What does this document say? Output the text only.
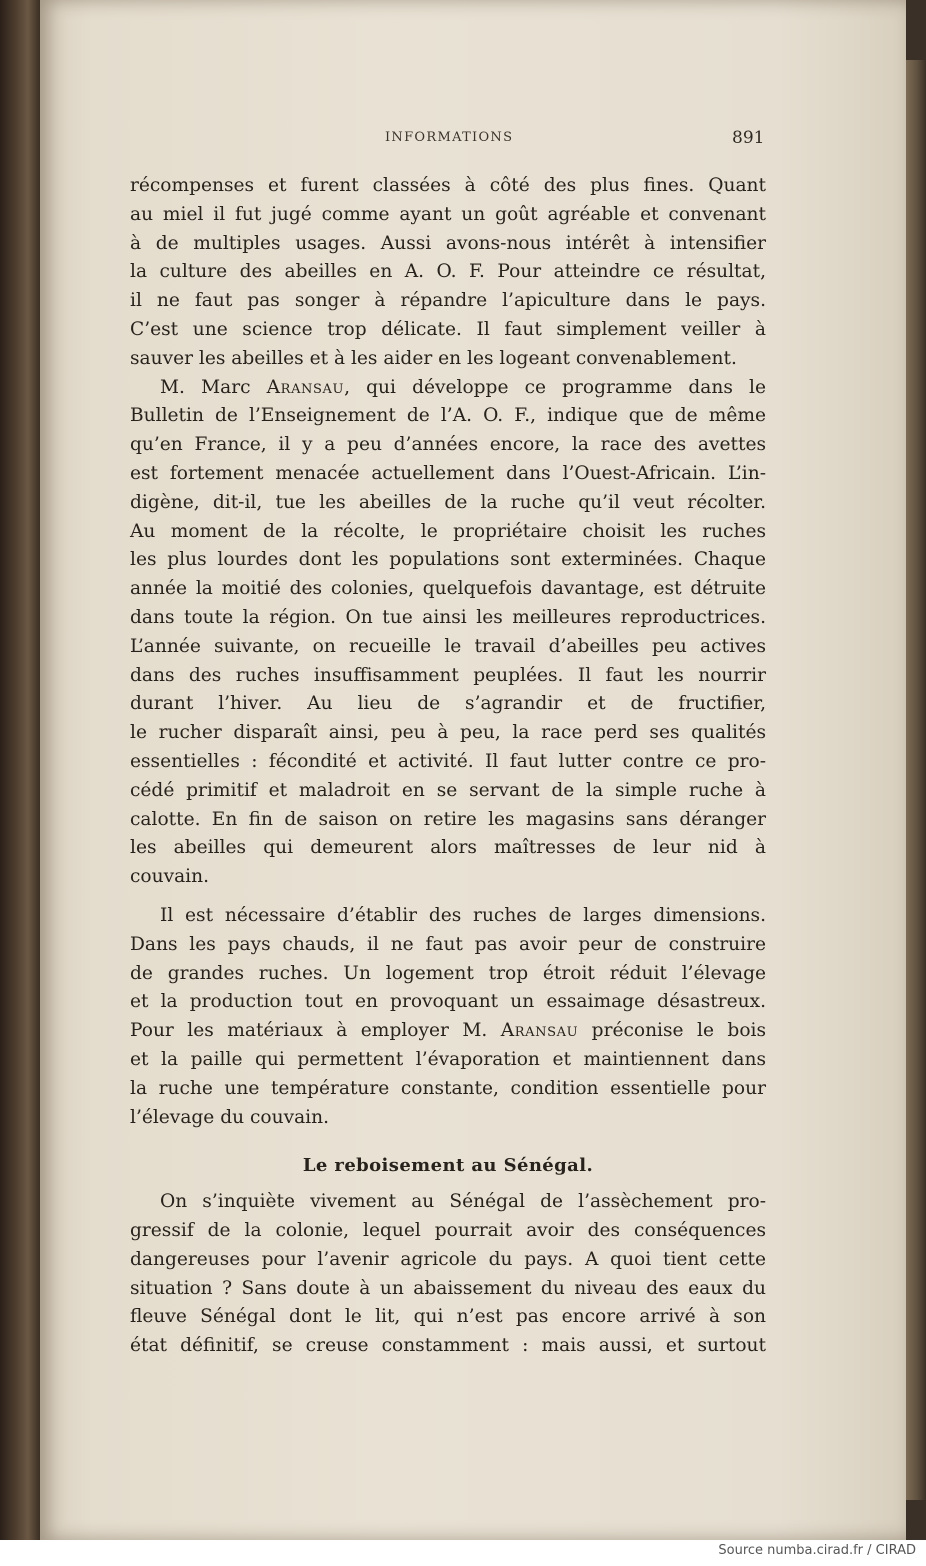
INFORMATIONS	891
récompenses et furent classées à côté des plus fines. Quant
au miel il fut jugé comme ayant un goût agréable et convenant
à de multiples usages. Aussi avons-nous intérêt à intensifier
la culture des abeilles en A. O. F. Pour atteindre ce résultat,
il ne faut pas songer à répandre l’apiculture dans le pays.
C’est une science trop délicate. Il faut simplement veiller à
sauver les abeilles et à les aider en les logeant convenablement.
M. Marc Aransau, qui développe ce programme dans le
Bulletin de l’Enseignement de l’A. O. F., indique que de même
qu’en France, il y a peu d’années encore, la race des avettes
est fortement menacée actuellement dans l’Ouest-Africain. L’in-
digène, dit-il, tue les abeilles de la ruche qu’il veut récolter.
Au moment de la récolte, le propriétaire choisit les ruches
les plus lourdes dont les populations sont exterminées. Chaque
année la moitié des colonies, quelquefois davantage, est détruite
dans toute la région. On tue ainsi les meilleures reproductrices.
L’année suivante, on recueille le travail d’abeilles peu actives
dans des ruches insuffisamment peuplées. Il faut les nourrir
durant l’hiver. Au lieu de s’agrandir et de fructifier,
le rucher disparaît ainsi, peu à peu, la race perd ses qualités
essentielles : fécondité et activité. Il faut lutter contre ce pro-
cédé primitif et maladroit en se servant de la simple ruche à
calotte. En fin de saison on retire les magasins sans déranger
les abeilles qui demeurent alors maîtresses de leur nid à
couvain.
Il est nécessaire d’établir des ruches de larges dimensions.
Dans les pays chauds, il ne faut pas avoir peur de construire
de grandes ruches. Un logement trop étroit réduit l’élevage
et la production tout en provoquant un essaimage désastreux.
Pour les matériaux à employer M. Aransau préconise le bois
et la paille qui permettent l’évaporation et maintiennent dans
la ruche une température constante, condition essentielle pour
l’élevage du couvain.
Le reboisement au Sénégal.
On s’inquiète vivement au Sénégal de l’assèchement pro-
gressif de la colonie, lequel pourrait avoir des conséquences
dangereuses pour l’avenir agricole du pays. A quoi tient cette
situation ? Sans doute à un abaissement du niveau des eaux du
fleuve Sénégal dont le lit, qui n’est pas encore arrivé à son
état définitif, se creuse constamment : mais aussi, et surtout
Source numba.cirad.fr / CIRAD
